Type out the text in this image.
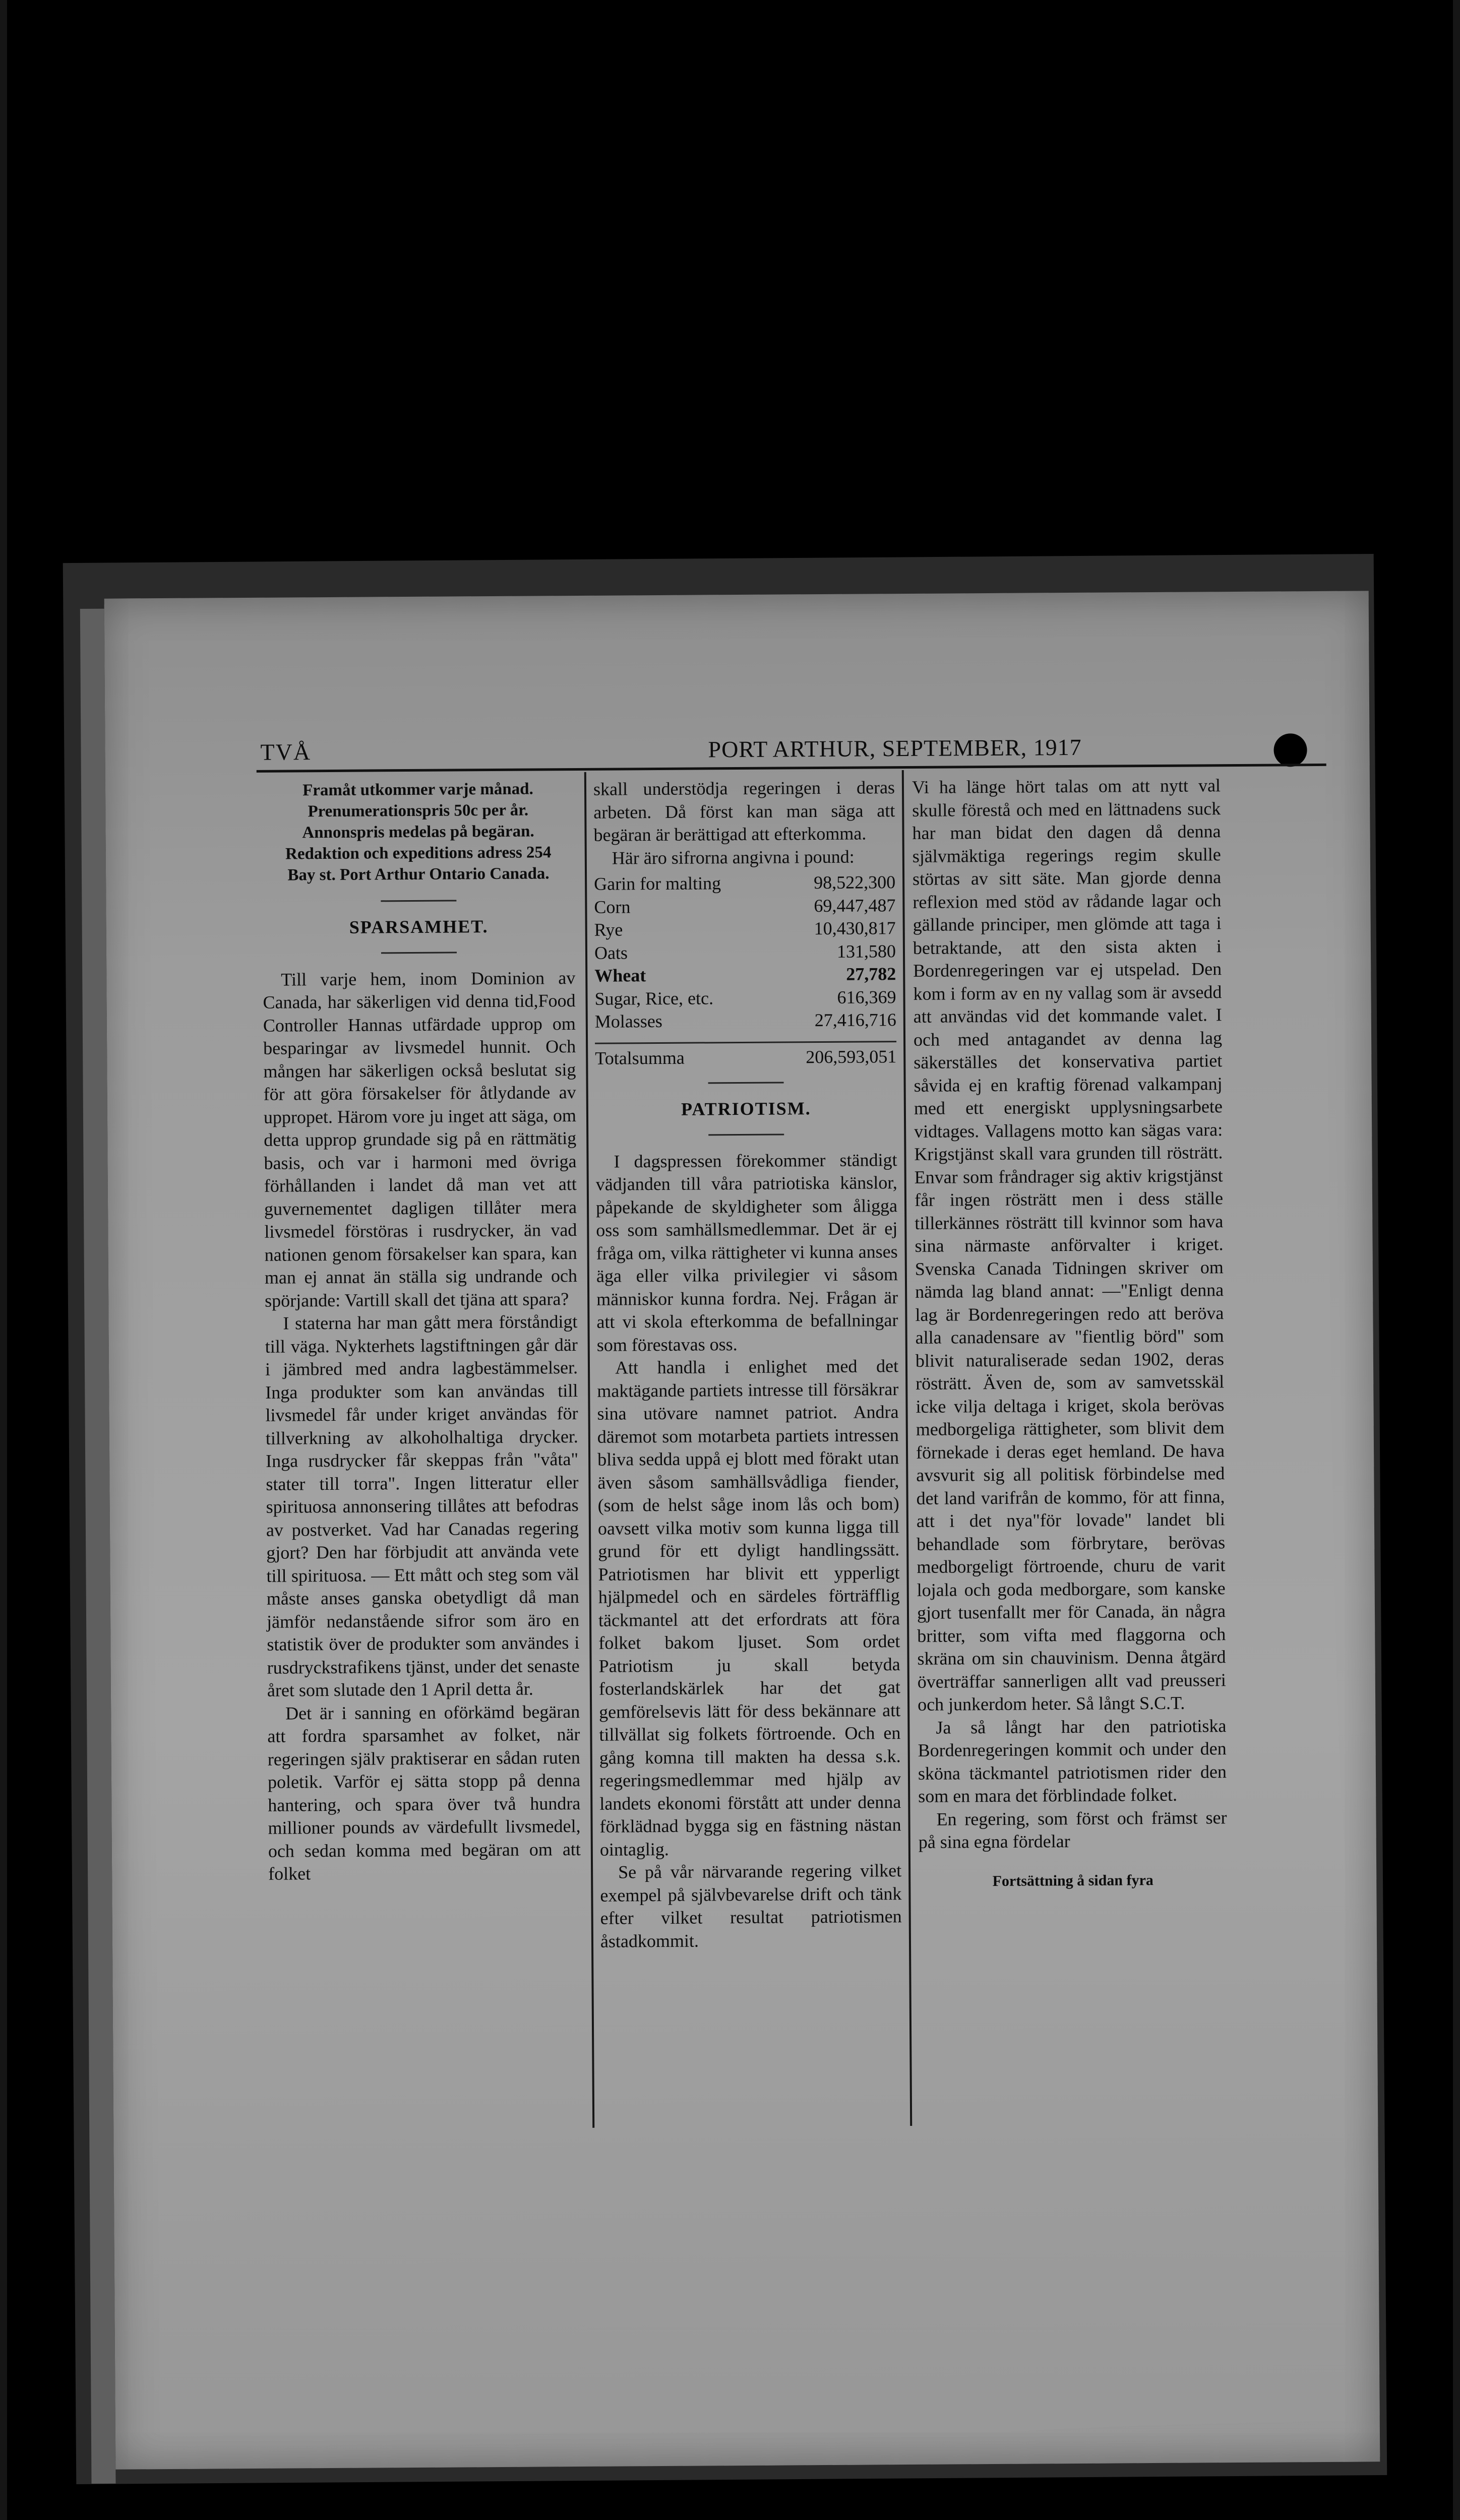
TVÅ	PORT ARTHUR, SEPTEMBER, 1917
Framåt utkommer varje månad.
Prenumerationspris 50c per år.
Annonspris medelas på begäran.
Redaktion och expeditions adress 254
Bay st. Port Arthur Ontario Canada.
SPARSAMHET.

Till varje hem, inom Dominion av Canada, har säkerligen vid denna tid,Food Controller Hannas utfärdade upprop om besparingar av livsmedel hunnit. Och mången har säkerligen också beslutat sig för att göra försakelser för åtlydande av uppropet. Härom vore ju inget att säga, om detta upprop grundade sig på en rättmätig basis, och var i harmoni med övriga förhållanden i landet då man vet att guvernementet dagligen tillåter mera livsmedel förstöras i rusdrycker, än vad nationen genom försakelser kan spara, kan man ej annat än ställa sig undrande och spörjande: Vartill skall det tjäna att spara?

I staterna har man gått mera förståndigt till väga. Nykterhets lagstiftningen går där i jämbred med andra lagbestämmelser. Inga produkter som kan användas till livsmedel får under kriget användas för tillverkning av alkoholhaltiga drycker. Inga rusdrycker får skeppas från "våta" stater till torra". Ingen litteratur eller spirituosa annonsering tillåtes att befodras av postverket. Vad har Canadas regering gjort? Den har förbjudit att använda vete till spirituosa. — Ett mått och steg som väl måste anses ganska obetydligt då man jämför nedanstående sifror som äro en statistik över de produkter som användes i rusdryckstrafikens tjänst, under det senaste året som slutade den 1 April detta år.

Det är i sanning en oförkämd begäran att fordra sparsamhet av folket, när regeringen själv praktiserar en sådan ruten poletik. Varför ej sätta stopp på denna hantering, och spara över två hundra millioner pounds av värdefullt livsmedel, och sedan komma med begäran om att folket

skall understödja regeringen i deras arbeten. Då först kan man säga att begäran är berättigad att efterkomma.

Här äro sifrorna angivna i pound:

Garin for malting	98,522,300
Corn	69,447,487
Rye	10,430,817
Oats	131,580
Wheat	27,782
Sugar, Rice, etc.	616,369
Molasses	27,416,716
Totalsumma	206,593,051
PATRIOTISM.

I dagspressen förekommer ständigt vädjanden till våra patriotiska känslor, påpekande de skyldigheter som åligga oss som samhällsmedlemmar. Det är ej fråga om, vilka rättigheter vi kunna anses äga eller vilka privilegier vi såsom människor kunna fordra. Nej. Frågan är att vi skola efterkomma de befallningar som förestavas oss.

Att handla i enlighet med det maktägande partiets intresse till försäkrar sina utövare namnet patriot. Andra däremot som motarbeta partiets intressen bliva sedda uppå ej blott med förakt utan även såsom samhällsvådliga fiender, (som de helst såge inom lås och bom) oavsett vilka motiv som kunna ligga till grund för ett dyligt handlingssätt. Patriotismen har blivit ett ypperligt hjälpmedel och en särdeles förträfflig täckmantel att det erfordrats att föra folket bakom ljuset. Som ordet Patriotism ju skall betyda fosterlandskärlek har det gat gemförelsevis lätt för dess bekännare att tillvällat sig folkets förtroende. Och en gång komna till makten ha dessa s.k. regeringsmedlemmar med hjälp av landets ekonomi förstått att under denna förklädnad bygga sig en fästning nästan ointaglig.

Se på vår närvarande regering vilket exempel på självbevarelse drift och tänk efter vilket resultat patriotismen åstadkommit.

Vi ha länge hört talas om att nytt val skulle förestå och med en lättnadens suck har man bidat den dagen då denna självmäktiga regerings regim skulle störtas av sitt säte. Man gjorde denna reflexion med stöd av rådande lagar och gällande principer, men glömde att taga i betraktande, att den sista akten i Bordenregeringen var ej utspelad. Den kom i form av en ny vallag som är avsedd att användas vid det kommande valet. I och med antagandet av denna lag säkerställes det konservativa partiet såvida ej en kraftig förenad valkampanj med ett energiskt upplysningsarbete vidtages. Vallagens motto kan sägas vara: Krigstjänst skall vara grunden till rösträtt. Envar som fråndrager sig aktiv krigstjänst får ingen rösträtt men i dess ställe tillerkännes rösträtt till kvinnor som hava sina närmaste anförvalter i kriget. Svenska Canada Tidningen skriver om nämda lag bland annat: —"Enligt denna lag är Bordenregeringen redo att beröva alla canadensare av "fientlig börd" som blivit naturaliserade sedan 1902, deras rösträtt. Även de, som av samvetsskäl icke vilja deltaga i kriget, skola berövas medborgeliga rättigheter, som blivit dem förnekade i deras eget hemland. De hava avsvurit sig all politisk förbindelse med det land varifrån de kommo, för att finna, att i det nya"för lovade" landet bli behandlade som förbrytare, berövas medborgeligt förtroende, churu de varit lojala och goda medborgare, som kanske gjort tusenfallt mer för Canada, än några britter, som vifta med flaggorna och skräna om sin chauvinism. Denna åtgärd överträffar sannerligen allt vad preusseri och junkerdom heter. Så långt S.C.T.

Ja så långt har den patriotiska Bordenregeringen kommit och under den sköna täckmantel patriotismen rider den som en mara det förblindade folket.

En regering, som först och främst ser på sina egna fördelar

Fortsättning å sidan fyra
